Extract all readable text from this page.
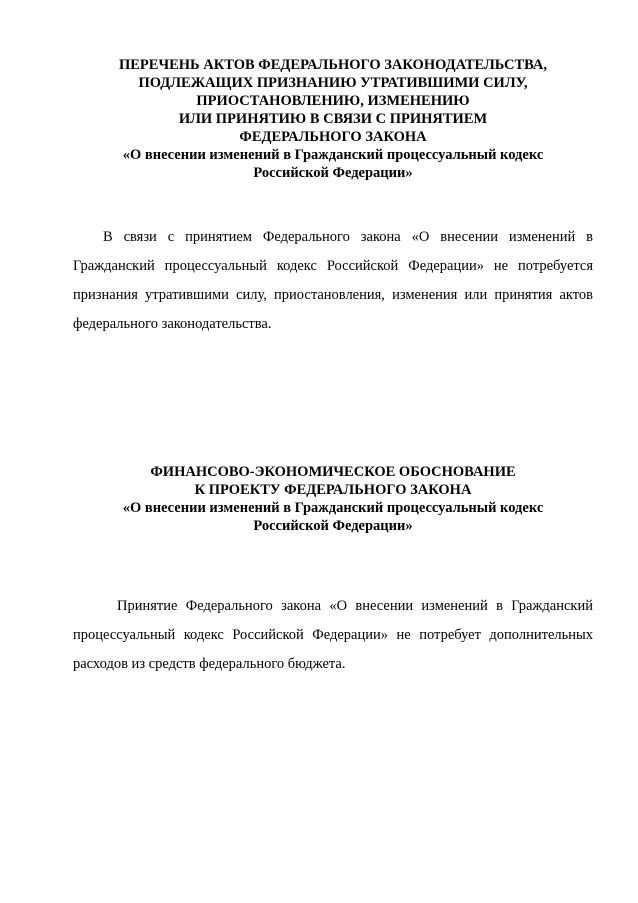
ПЕРЕЧЕНЬ АКТОВ ФЕДЕРАЛЬНОГО ЗАКОНОДАТЕЛЬСТВА,
ПОДЛЕЖАЩИХ ПРИЗНАНИЮ УТРАТИВШИМИ СИЛУ,
ПРИОСТАНОВЛЕНИЮ, ИЗМЕНЕНИЮ
ИЛИ ПРИНЯТИЮ В СВЯЗИ С ПРИНЯТИЕМ
ФЕДЕРАЛЬНОГО ЗАКОНА
«О внесении изменений в Гражданский процессуальный кодекс
Российской Федерации»
В связи с принятием Федерального закона «О внесении изменений в
Гражданский процессуальный кодекс Российской Федерации» не потребуется
признания утратившими силу, приостановления, изменения или принятия актов
федерального законодательства.
ФИНАНСОВО-ЭКОНОМИЧЕСКОЕ ОБОСНОВАНИЕ
К ПРОЕКТУ ФЕДЕРАЛЬНОГО ЗАКОНА
«О внесении изменений в Гражданский процессуальный кодекс
Российской Федерации»
Принятие Федерального закона «О внесении изменений в Гражданский
процессуальный кодекс Российской Федерации» не потребует дополнительных
расходов из средств федерального бюджета.
